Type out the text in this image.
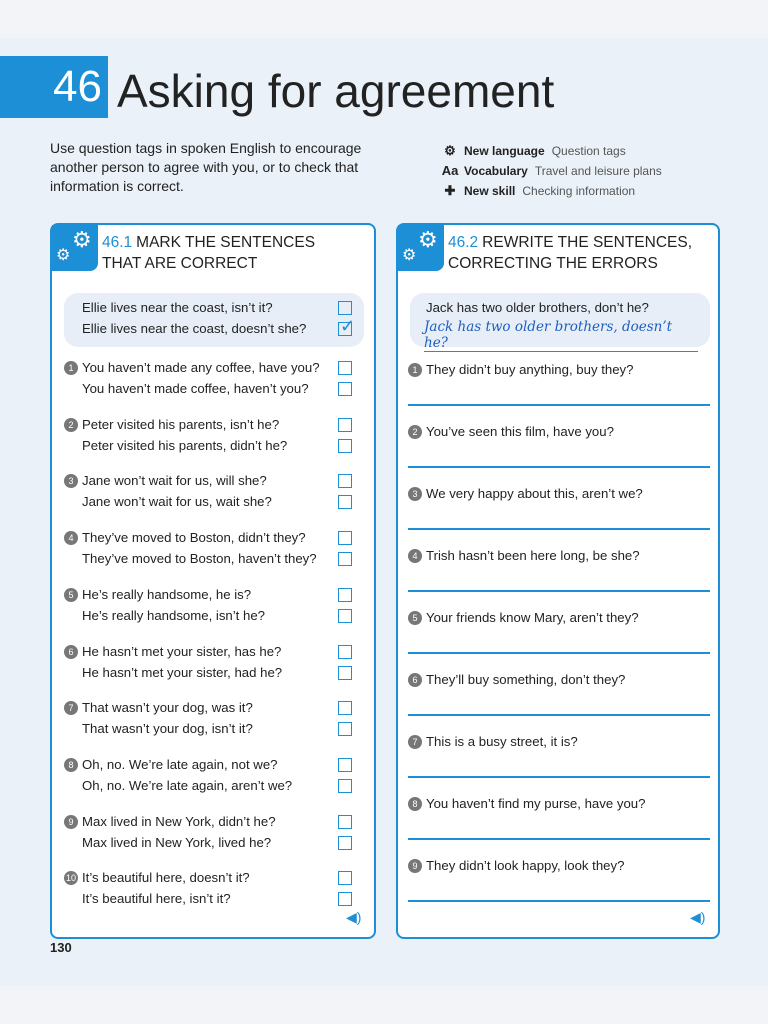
46 Asking for agreement

Use question tags in spoken English to encourage another person to agree with you, or to check that information is correct.

⚙ New language Question tags
Aa Vocabulary Travel and leisure plans
✚ New skill Checking information
⚙
⚙
46.1 MARK THE SENTENCES
THAT ARE CORRECT
Ellie lives near the coast, isn’t it?
Ellie lives near the coast, doesn’t she? ✓
1 You haven’t made any coffee, have you?
You haven’t made coffee, haven’t you?
2 Peter visited his parents, isn’t he?
Peter visited his parents, didn’t he?
3 Jane won’t wait for us, will she?
Jane won’t wait for us, wait she?
4 They’ve moved to Boston, didn’t they?
They’ve moved to Boston, haven’t they?
5 He’s really handsome, he is?
He’s really handsome, isn’t he?
6 He hasn’t met your sister, has he?
He hasn’t met your sister, had he?
7 That wasn’t your dog, was it?
That wasn’t your dog, isn’t it?
8 Oh, no. We’re late again, not we?
Oh, no. We’re late again, aren’t we?
9 Max lived in New York, didn’t he?
Max lived in New York, lived he?
10 It’s beautiful here, doesn’t it?
It’s beautiful here, isn’t it?
◀)
⚙
⚙
46.2 REWRITE THE SENTENCES,
CORRECTING THE ERRORS
Jack has two older brothers, don’t he?
Jack has two older brothers, doesn’t he?
1 They didn’t buy anything, buy they?
2 You’ve seen this film, have you?
3 We very happy about this, aren’t we?
4 Trish hasn’t been here long, be she?
5 Your friends know Mary, aren’t they?
6 They’ll buy something, don’t they?
7 This is a busy street, it is?
8 You haven’t find my purse, have you?
9 They didn’t look happy, look they?
◀)
130
